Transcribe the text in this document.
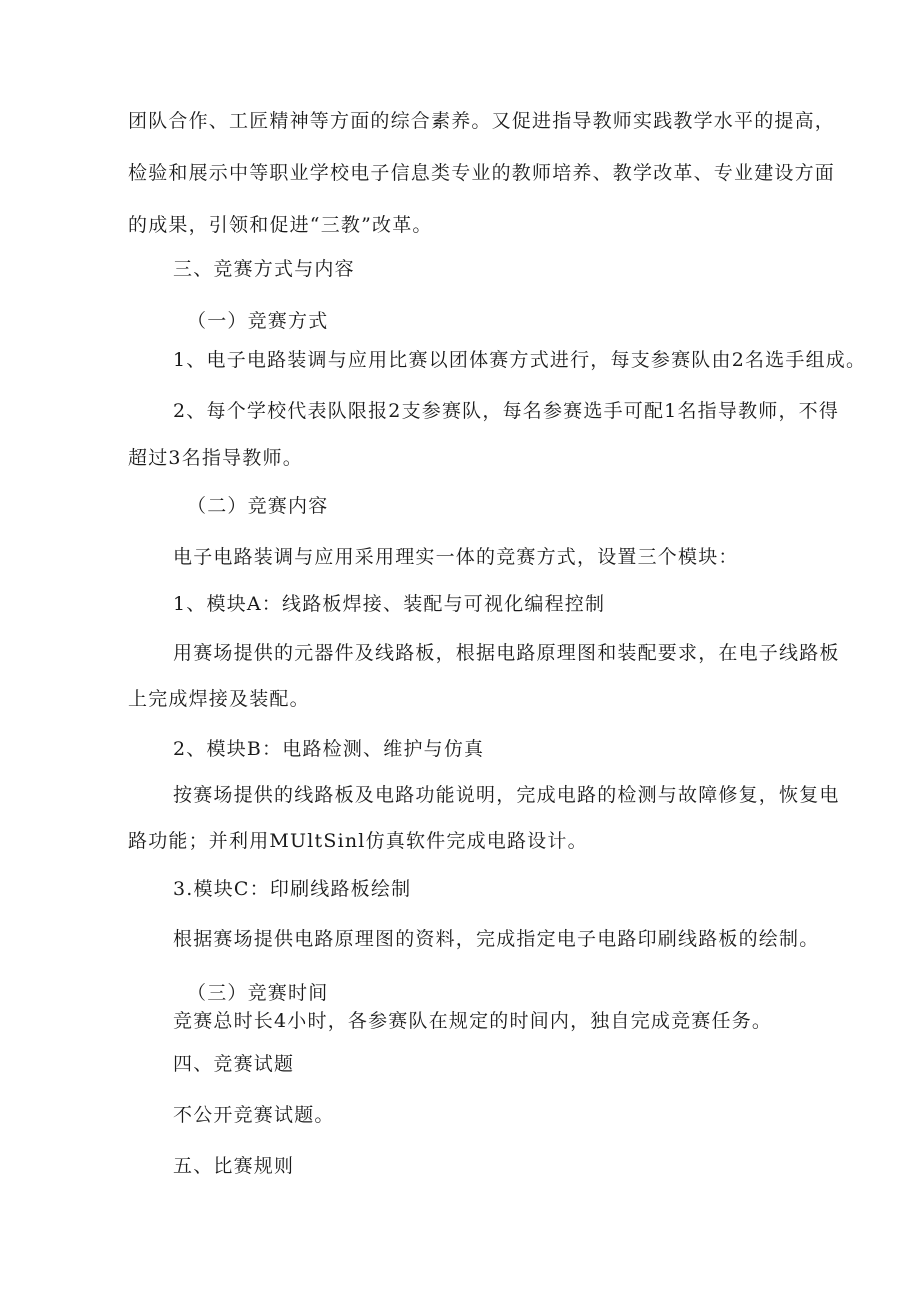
团队合作、工匠精神等方面的综合素养。又促进指导教师实践教学水平的提高，

检验和展示中等职业学校电子信息类专业的教师培养、教学改革、专业建设方面

的成果，引领和促进“三教”改革。

三、竞赛方式与内容

（一）竞赛方式

1、电子电路装调与应用比赛以团体赛方式进行，每支参赛队由2名选手组成。

2、每个学校代表队限报2支参赛队，每名参赛选手可配1名指导教师，不得

超过3名指导教师。

（二）竞赛内容

电子电路装调与应用采用理实一体的竞赛方式，设置三个模块：

1、模块A：线路板焊接、装配与可视化编程控制

用赛场提供的元器件及线路板，根据电路原理图和装配要求，在电子线路板

上完成焊接及装配。

2、模块B：电路检测、维护与仿真

按赛场提供的线路板及电路功能说明，完成电路的检测与故障修复，恢复电

路功能；并利用MUltSinl仿真软件完成电路设计。

3.模块C：印刷线路板绘制

根据赛场提供电路原理图的资料，完成指定电子电路印刷线路板的绘制。

（三）竞赛时间

竞赛总时长4小时，各参赛队在规定的时间内，独自完成竞赛任务。

四、竞赛试题

不公开竞赛试题。

五、比赛规则
